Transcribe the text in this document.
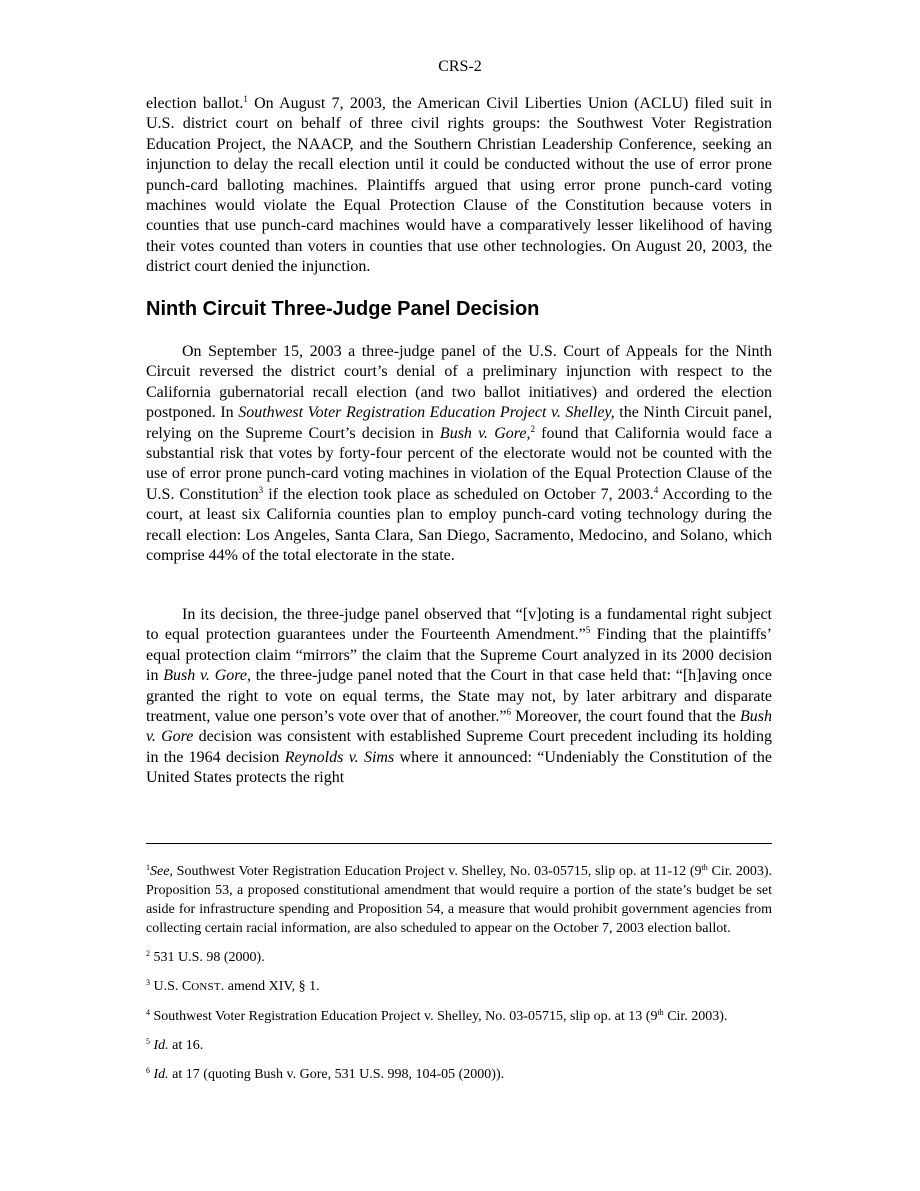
CRS-2
election ballot.$^1$ On August 7, 2003, the American Civil Liberties Union (ACLU) filed suit in U.S. district court on behalf of three civil rights groups: the Southwest Voter Registration Education Project, the NAACP, and the Southern Christian Leadership Conference, seeking an injunction to delay the recall election until it could be conducted without the use of error prone punch-card balloting machines. Plaintiffs argued that using error prone punch-card voting machines would violate the Equal Protection Clause of the Constitution because voters in counties that use punch-card machines would have a comparatively lesser likelihood of having their votes counted than voters in counties that use other technologies. On August 20, 2003, the district court denied the injunction.
Ninth Circuit Three-Judge Panel Decision
On September 15, 2003 a three-judge panel of the U.S. Court of Appeals for the Ninth Circuit reversed the district court’s denial of a preliminary injunction with respect to the California gubernatorial recall election (and two ballot initiatives) and ordered the election postponed. In Southwest Voter Registration Education Project v. Shelley, the Ninth Circuit panel, relying on the Supreme Court’s decision in Bush v. Gore,$^2$ found that California would face a substantial risk that votes by forty-four percent of the electorate would not be counted with the use of error prone punch-card voting machines in violation of the Equal Protection Clause of the U.S. Constitution$^3$ if the election took place as scheduled on October 7, 2003.$^4$ According to the court, at least six California counties plan to employ punch-card voting technology during the recall election: Los Angeles, Santa Clara, San Diego, Sacramento, Medocino, and Solano, which comprise 44% of the total electorate in the state.
In its decision, the three-judge panel observed that “[v]oting is a fundamental right subject to equal protection guarantees under the Fourteenth Amendment.”$^5$ Finding that the plaintiffs’ equal protection claim “mirrors” the claim that the Supreme Court analyzed in its 2000 decision in Bush v. Gore, the three-judge panel noted that the Court in that case held that: “[h]aving once granted the right to vote on equal terms, the State may not, by later arbitrary and disparate treatment, value one person’s vote over that of another.”$^6$ Moreover, the court found that the Bush v. Gore decision was consistent with established Supreme Court precedent including its holding in the 1964 decision Reynolds v. Sims where it announced: “Undeniably the Constitution of the United States protects the right

$^1$See, Southwest Voter Registration Education Project v. Shelley, No. 03-05715, slip op. at 11-12 (9th Cir. 2003). Proposition 53, a proposed constitutional amendment that would require a portion of the state’s budget be set aside for infrastructure spending and Proposition 54, a measure that would prohibit government agencies from collecting certain racial information, are also scheduled to appear on the October 7, 2003 election ballot.

$^2$ 531 U.S. 98 (2000).

$^3$ U.S. CONST. amend XIV, § 1.

$^4$ Southwest Voter Registration Education Project v. Shelley, No. 03-05715, slip op. at 13 (9th Cir. 2003).

$^5$ Id. at 16.

$^6$ Id. at 17 (quoting Bush v. Gore, 531 U.S. 998, 104-05 (2000)).
